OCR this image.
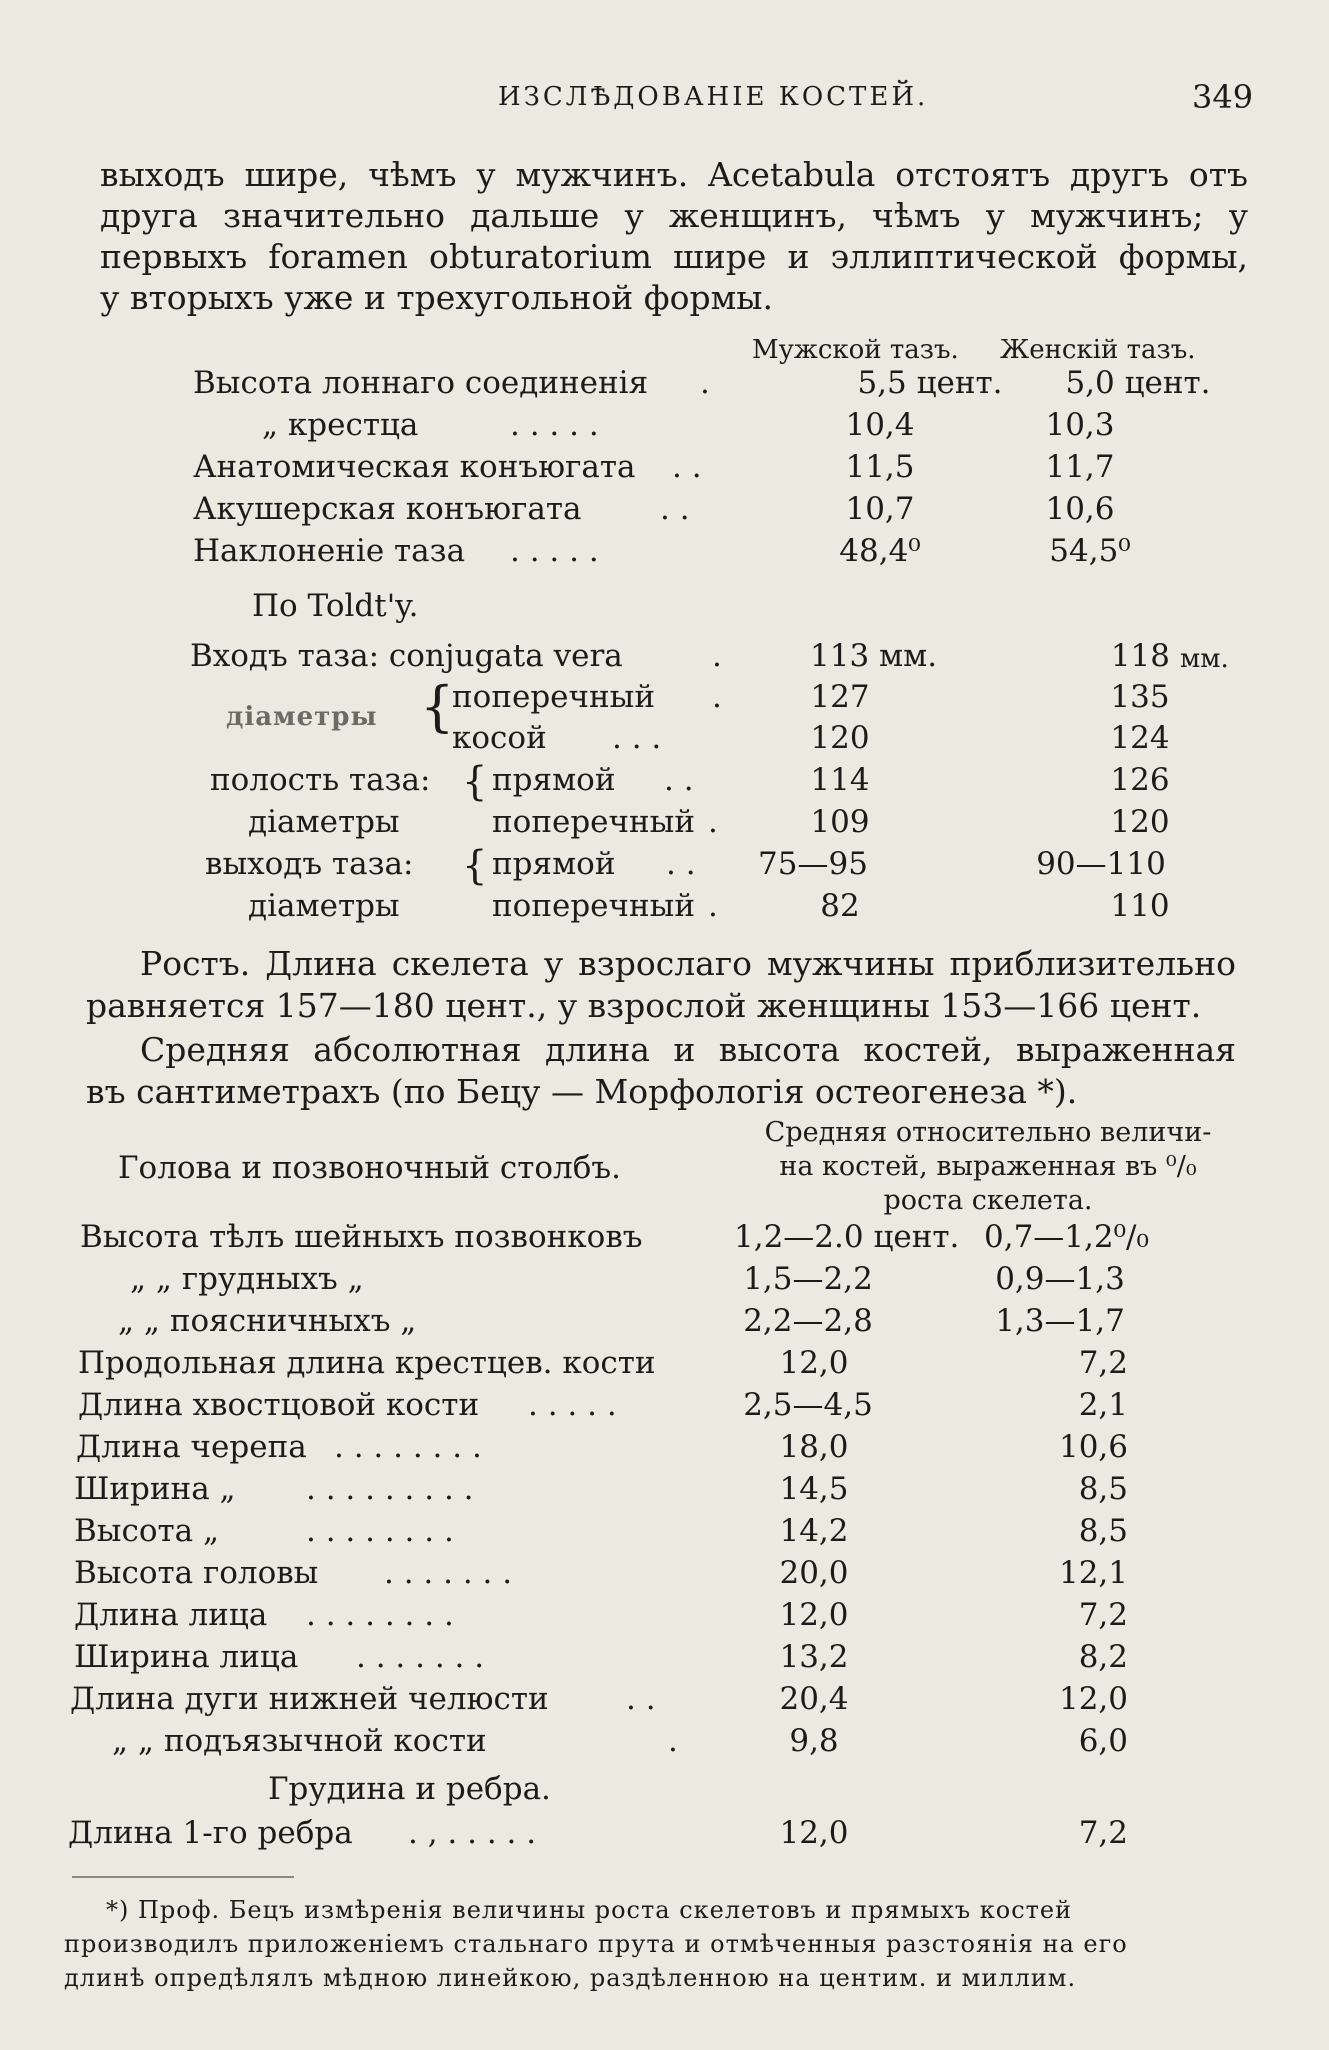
ИЗСЛѢДОВАНІЕ КОСТЕЙ.	349
выходъ шире, чѣмъ у мужчинъ. Acetabula отстоятъ другъ отъ
друга значительно дальше у женщинъ, чѣмъ у мужчинъ; у
первыхъ foramen obturatorium шире и эллиптической формы,
у вторыхъ уже и трехугольной формы.
Мужской тазъ. Женскій тазъ.
Высота лоннаго соединенія .	5,5 цент.	5,0 цент.
„ крестца	. . . . .	10,4	10,3
Анатомическая конъюгата . .	11,5	11,7
Акушерская конъюгата	. .	10,7	10,6
Наклоненіе таза . . . . .	48,4⁰	54,5⁰
По Toldt'y.
Входъ таза: conjugata vera	.	113 мм.	118 мм.
діаметры {
поперечный .	127	135
косой . . .	120	124
{
полость таза: прямой . .	114	126
діаметры	поперечный .	109	120
{
выходъ таза:	прямой . .	75—95	90—110
діаметры	поперечный .	82	110
Ростъ. Длина скелета у взрослаго мужчины приблизительно
равняется 157—180 цент., у взрослой женщины 153—166 цент.
Средняя абсолютная длина и высота костей, выраженная
въ сантиметрахъ (по Бецу — Морфологія остеогенеза *).
Голова и позвоночный столбъ.
Средняя относительно величи-
на костей, выраженная въ ⁰/₀
роста скелета.
Высота тѣлъ шейныхъ позвонковъ	1,2—2.0 цент. 0,7—1,2⁰/₀
„ „ грудныхъ „	1,5—2,2	0,9—1,3
„ „ поясничныхъ „	2,2—2,8	1,3—1,7
Продольная длина крестцев. кости	12,0	7,2
Длина хвостцовой кости . . . . .	2,5—4,5	2,1
Длина черепа . . . . . . . .	18,0	10,6
Ширина „ . . . . . . . . .	14,5	8,5
Высота „	. . . . . . . .	14,2	8,5
Высота головы . . . . . . .	20,0	12,1
Длина лица . . . . . . . .	12,0	7,2
Ширина лица . . . . . . .	13,2	8,2
Длина дуги нижней челюсти . .	20,4	12,0
„ „ подъязычной кости	.	9,8	6,0
Грудина и ребра.
Длина 1-го ребра . , . . . . .	12,0	7,2
*) Проф. Бецъ измѣренія величины роста скелетовъ и прямыхъ костей
производилъ приложеніемъ стальнаго прута и отмѣченныя разстоянія на его
длинѣ опредѣлялъ мѣдною линейкою, раздѣленною на центим. и миллим.
